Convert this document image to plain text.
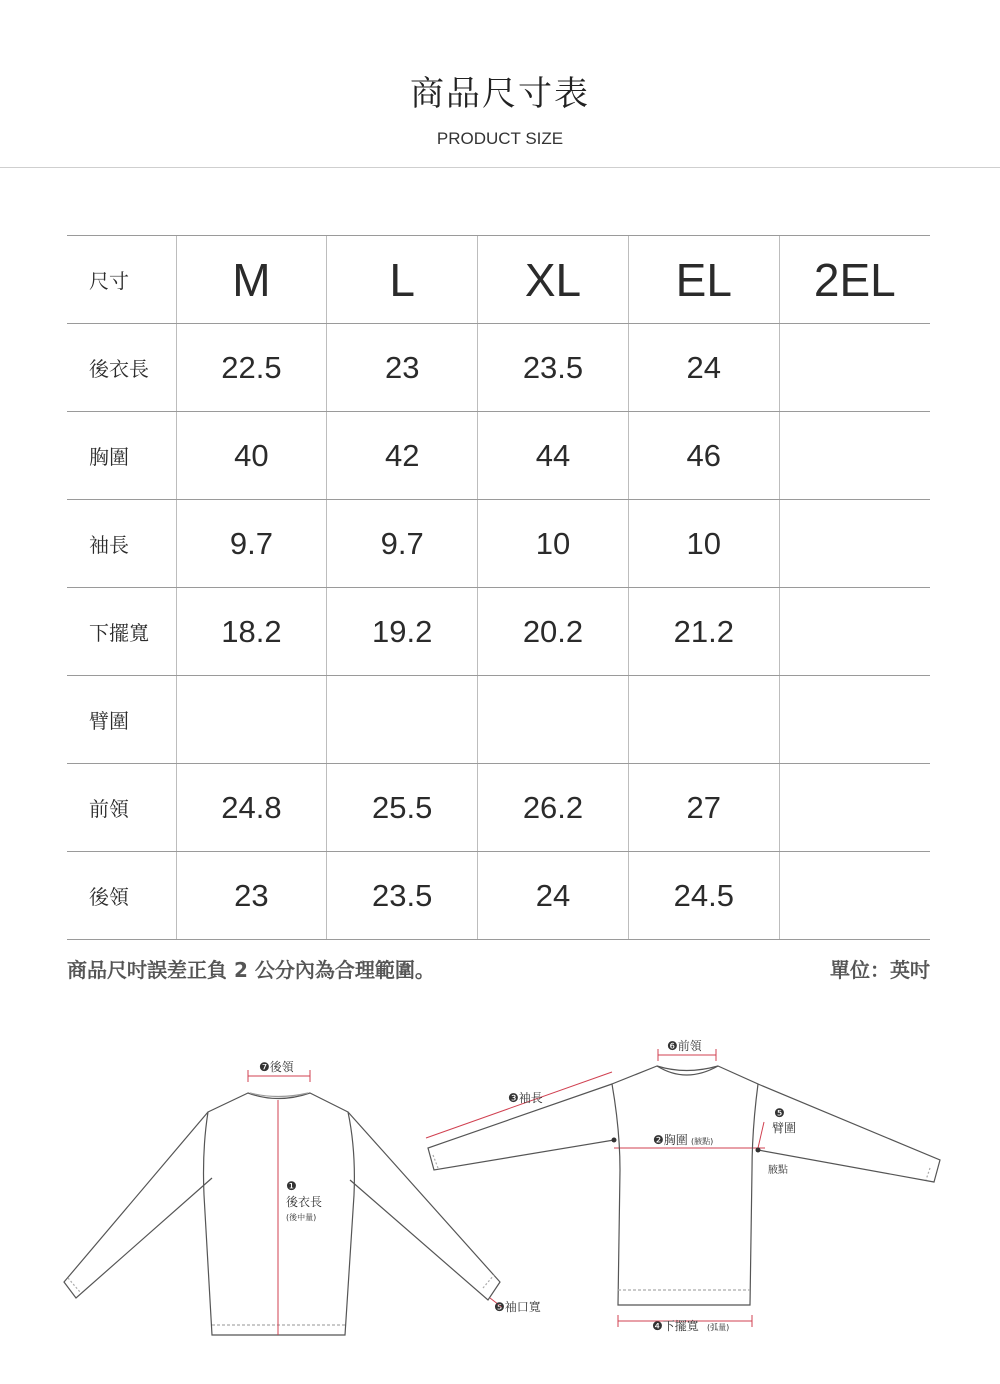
商品尺寸表
PRODUCT SIZE
尺寸	M	L	XL	EL	2EL
後衣長	22.5	23	23.5	24	
胸圍	40	42	44	46	
袖長	9.7	9.7	10	10	
下擺寬	18.2	19.2	20.2	21.2	
臂圍					
前領	24.8	25.5	26.2	27	
後領	23	23.5	24	24.5	
商品尺吋誤差正負 2 公分內為合理範圍。	單位：英吋
❼後領
❶
後衣長
(後中量)
❺袖口寬
❻前領
❸袖長
❷胸圍 (腋點)
❺
臂圍
腋點
❹下擺寬 (弧量)
